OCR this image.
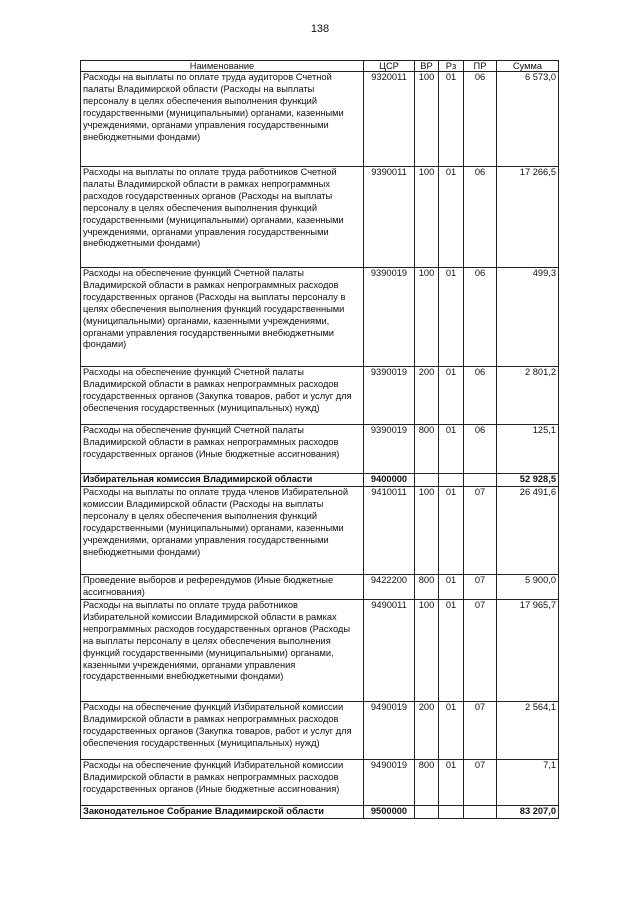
138
Наименование	ЦСР	ВР	Рз	ПР	Сумма
Расходы на выплаты по оплате труда аудиторов Счетной палаты Владимирской области (Расходы на выплаты персоналу в целях обеспечения выполнения функций государственными (муниципальными) органами, казенными учреждениями, органами управления государственными внебюджетными фондами)	9320011	100	01	06	6 573,0
Расходы на выплаты по оплате труда работников Счетной палаты Владимирской области в рамках непрограммных расходов государственных органов (Расходы на выплаты персоналу в целях обеспечения выполнения функций государственными (муниципальными) органами, казенными учреждениями, органами управления государственными внебюджетными фондами)	9390011	100	01	06	17 266,5
Расходы на обеспечение функций Счетной палаты Владимирской области в рамках непрограммных расходов государственных органов (Расходы на выплаты персоналу в целях обеспечения выполнения функций государственными (муниципальными) органами, казенными учреждениями, органами управления государственными внебюджетными фондами)	9390019	100	01	06	499,3
Расходы на обеспечение функций Счетной палаты Владимирской области в рамках непрограммных расходов государственных органов (Закупка товаров, работ и услуг для обеспечения государственных (муниципальных) нужд)	9390019	200	01	06	2 801,2
Расходы на обеспечение функций Счетной палаты Владимирской области в рамках непрограммных расходов государственных органов (Иные бюджетные ассигнования)	9390019	800	01	06	125,1
Избирательная комиссия Владимирской области	9400000				52 928,5
Расходы на выплаты по оплате труда членов Избирательной комиссии Владимирской области (Расходы на выплаты персоналу в целях обеспечения выполнения функций государственными (муниципальными) органами, казенными учреждениями, органами управления государственными внебюджетными фондами)	9410011	100	01	07	26 491,6
Проведение выборов и референдумов (Иные бюджетные ассигнования)	9422200	800	01	07	5 900,0
Расходы на выплаты по оплате труда работников Избирательной комиссии Владимирской области в рамках непрограммных расходов государственных органов (Расходы на выплаты персоналу в целях обеспечения выполнения функций государственными (муниципальными) органами, казенными учреждениями, органами управления государственными внебюджетными фондами)	9490011	100	01	07	17 965,7
Расходы на обеспечение функций Избирательной комиссии Владимирской области в рамках непрограммных расходов государственных органов (Закупка товаров, работ и услуг для обеспечения государственных (муниципальных) нужд)	9490019	200	01	07	2 564,1
Расходы на обеспечение функций Избирательной комиссии Владимирской области в рамках непрограммных расходов государственных органов (Иные бюджетные ассигнования)	9490019	800	01	07	7,1
Законодательное Собрание Владимирской области	9500000				83 207,0
